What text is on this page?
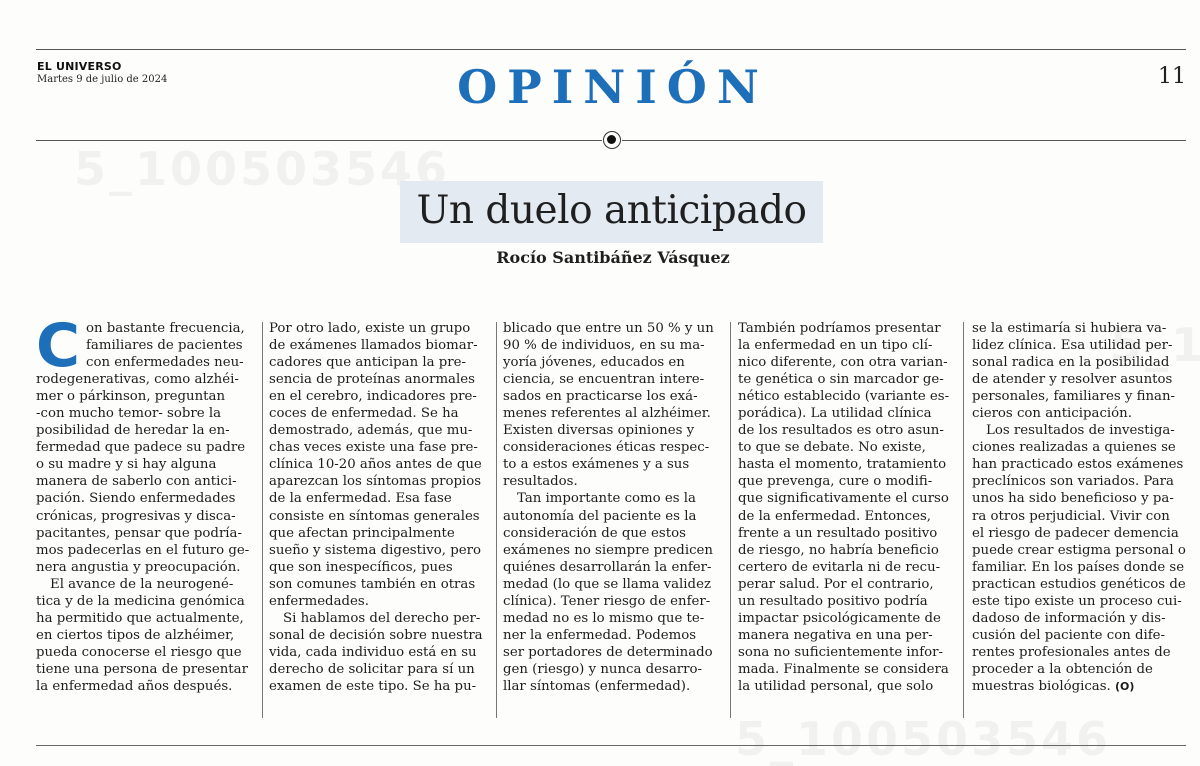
EL UNIVERSO
Martes 9 de julio de 2024	OPINIÓN	11
Un duelo anticipado
Rocío Santibáñez Vásquez
C on bastante frecuencia,
familiares de pacientes
con enfermedades neu-
rodegenerativas, como alzhéi-
mer o párkinson, preguntan
-con mucho temor- sobre la
posibilidad de heredar la en-
fermedad que padece su padre
o su madre y si hay alguna
manera de saberlo con antici-
pación. Siendo enfermedades
crónicas, progresivas y disca-
pacitantes, pensar que podría-
mos padecerlas en el futuro ge-
nera angustia y preocupación.
El avance de la neurogené-
tica y de la medicina genómica
ha permitido que actualmente,
en ciertos tipos de alzhéimer,
pueda conocerse el riesgo que
tiene una persona de presentar
la enfermedad años después.
Por otro lado, existe un grupo
de exámenes llamados biomar-
cadores que anticipan la pre-
sencia de proteínas anormales
en el cerebro, indicadores pre-
coces de enfermedad. Se ha
demostrado, además, que mu-
chas veces existe una fase pre-
clínica 10-20 años antes de que
aparezcan los síntomas propios
de la enfermedad. Esa fase
consiste en síntomas generales
que afectan principalmente
sueño y sistema digestivo, pero
que son inespecíficos, pues
son comunes también en otras
enfermedades.
Si hablamos del derecho per-
sonal de decisión sobre nuestra
vida, cada individuo está en su
derecho de solicitar para sí un
examen de este tipo. Se ha pu-
blicado que entre un 50 % y un
90 % de individuos, en su ma-
yoría jóvenes, educados en
ciencia, se encuentran intere-
sados en practicarse los exá-
menes referentes al alzhéimer.
Existen diversas opiniones y
consideraciones éticas respec-
to a estos exámenes y a sus
resultados.
Tan importante como es la
autonomía del paciente es la
consideración de que estos
exámenes no siempre predicen
quiénes desarrollarán la enfer-
medad (lo que se llama validez
clínica). Tener riesgo de enfer-
medad no es lo mismo que te-
ner la enfermedad. Podemos
ser portadores de determinado
gen (riesgo) y nunca desarro-
llar síntomas (enfermedad).
También podríamos presentar
la enfermedad en un tipo clí-
nico diferente, con otra varian-
te genética o sin marcador ge-
nético establecido (variante es-
porádica). La utilidad clínica
de los resultados es otro asun-
to que se debate. No existe,
hasta el momento, tratamiento
que prevenga, cure o modifi-
que significativamente el curso
de la enfermedad. Entonces,
frente a un resultado positivo
de riesgo, no habría beneficio
certero de evitarla ni de recu-
perar salud. Por el contrario,
un resultado positivo podría
impactar psicológicamente de
manera negativa en una per-
sona no suficientemente infor-
mada. Finalmente se considera
la utilidad personal, que solo
se la estimaría si hubiera va-
lidez clínica. Esa utilidad per-
sonal radica en la posibilidad
de atender y resolver asuntos
personales, familiares y finan-
cieros con anticipación.
Los resultados de investiga-
ciones realizadas a quienes se
han practicado estos exámenes
preclínicos son variados. Para
unos ha sido beneficioso y pa-
ra otros perjudicial. Vivir con
el riesgo de padecer demencia
puede crear estigma personal o
familiar. En los países donde se
practican estudios genéticos de
este tipo existe un proceso cui-
dadoso de información y dis-
cusión del paciente con dife-
rentes profesionales antes de
proceder a la obtención de
muestras biológicas. (O)
